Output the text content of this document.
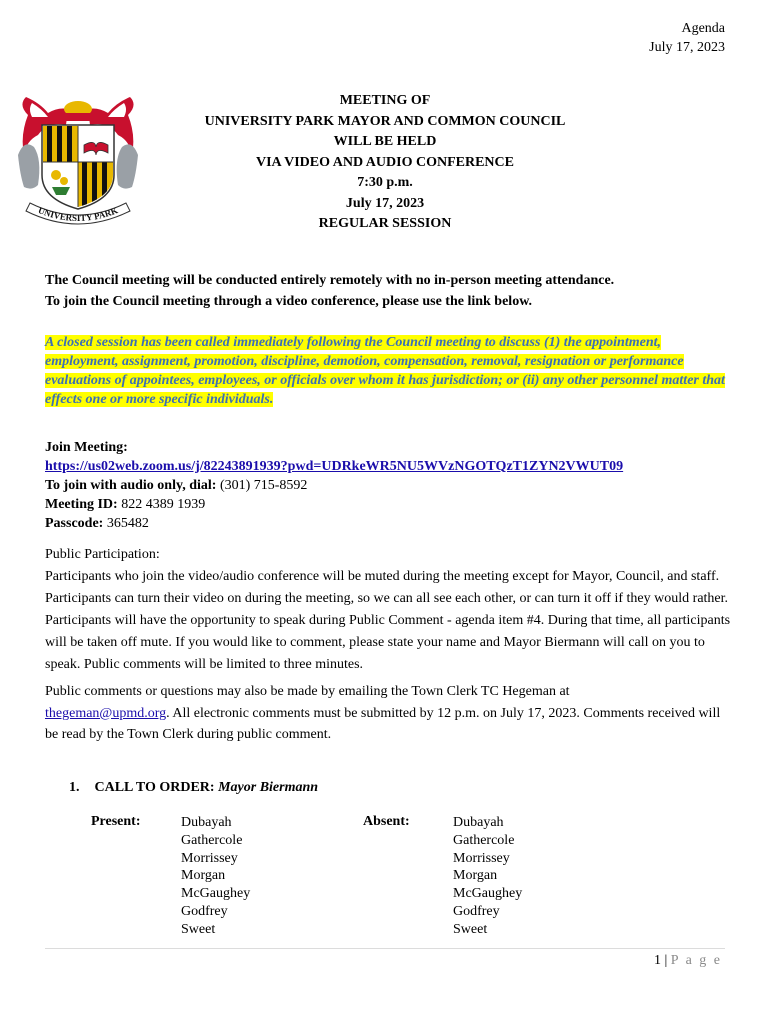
Agenda
July 17, 2023
UNIVERSITY PARK
MEETING OF
UNIVERSITY PARK MAYOR AND COMMON COUNCIL
WILL BE HELD
VIA VIDEO AND AUDIO CONFERENCE
7:30 p.m.
July 17, 2023
REGULAR SESSION
The Council meeting will be conducted entirely remotely with no in-person meeting attendance.
To join the Council meeting through a video conference, please use the link below.
A closed session has been called immediately following the Council meeting to discuss (1) the appointment, employment, assignment, promotion, discipline, demotion, compensation, removal, resignation or performance evaluations of appointees, employees, or officials over whom it has jurisdiction; or (ii) any other personnel matter that effects one or more specific individuals.
Join Meeting:
https://us02web.zoom.us/j/82243891939?pwd=UDRkeWR5NU5WVzNGOTQzT1ZYN2VWUT09
To join with audio only, dial: (301) 715-8592
Meeting ID: 822 4389 1939
Passcode: 365482

Public Participation:

Participants who join the video/audio conference will be muted during the meeting except for Mayor, Council, and staff. Participants can turn their video on during the meeting, so we can all see each other, or can turn it off if they would rather. Participants will have the opportunity to speak during Public Comment - agenda item #4. During that time, all participants will be taken off mute. If you would like to comment, please state your name and Mayor Biermann will call on you to speak. Public comments will be limited to three minutes.

Public comments or questions may also be made by emailing the Town Clerk TC Hegeman at
thegeman@upmd.org. All electronic comments must be submitted by 12 p.m. on July 17, 2023. Comments received will be read by the Town Clerk during public comment.
1. CALL TO ORDER: Mayor Biermann
Present:	Dubayah
Gathercole
Morrissey
Morgan
McGaughey
Godfrey
Sweet
Absent:	Dubayah
Gathercole
Morrissey
Morgan
McGaughey
Godfrey
Sweet
1 | P a g e
